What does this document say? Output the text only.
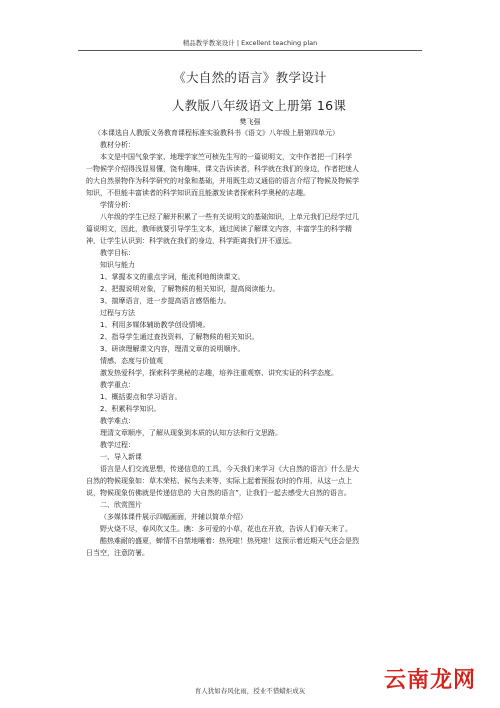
精品教学教案设计 | Excellent teaching plan
《大自然的语言》教学设计
人教版八年级语文上册第 16课
樊飞强

（本课选自人教版义务教育课程标准实验教科书《语文》八年级上册第四单元）

教材分析：

本文是中国气象学家、地理学家竺可桢先生写的一篇说明文，文中作者把一门科学

一物候学介绍得浅显易懂，饶有趣味，课文告诉读者，科学就在我们的身边，作者把迷人

的大自然景物作为科学研究的对象和基础，并用既生动又通俗的语言介绍了物候及物候学

知识，不但能丰富读者的科学知识而且能激发读者探索科学奥秘的志趣。

学情分析：

八年级的学生已经了解并积累了一些有关说明文的基础知识，上单元我们已经学过几

篇说明文，因此，教师就要引导学生文本，通过阅读了解课文内容，丰富学生的科学精

神，让学生认识到：科学就在我们的身边，科学距离我们并不遥远。

教学目标：

知识与能力

1、掌握本文的重点字词，能流利地朗读课文。

2、把握说明对象，了解物候的相关知识，提高阅读能力。

3、揣摩语言，进一步提高语言感悟能力。

过程与方法

1、利用多媒体辅助教学创设情境。

2、指导学生通过查找资料，了解物候的相关知识。

3、研读理解课文内容，理清文章的说明顺序。

情感、态度与价值观

激发热爱科学，探索科学奥秘的志趣，培养注重观察、讲究实证的科学态度。

教学重点：

1、概括要点和学习语言。

2、积累科学知识。

教学难点：

理清文章顺序，了解从现象到本质的认知方法和行文思路。

教学过程：

一、导入新课

语言是人们交流思想，传递信息的工具，今天我们来学习《大自然的语言》什么是大

自然的物候现象如：草木荣枯、候鸟去来等，实际上起着预报农时的作用，从这一点上

说，物候现象仿佛就是传递信息的 大自然的语言”，让我们一起去感受大自然的语言。

二、欣赏图片

（多媒体课件展示四幅画面，并辅以简单介绍）

野火烧不尽，春风吹又生。瞧：多可爱的小草，花也在开放，告诉人们春天来了。

酷热难耐的盛夏，蝉情不自禁地嚷着：热死啦！热死啦！这预示着近期天气还会是烈

日当空，注意防暑。

育人犹如春风化雨，授业不惜蜡炬成灰	云南龙网
